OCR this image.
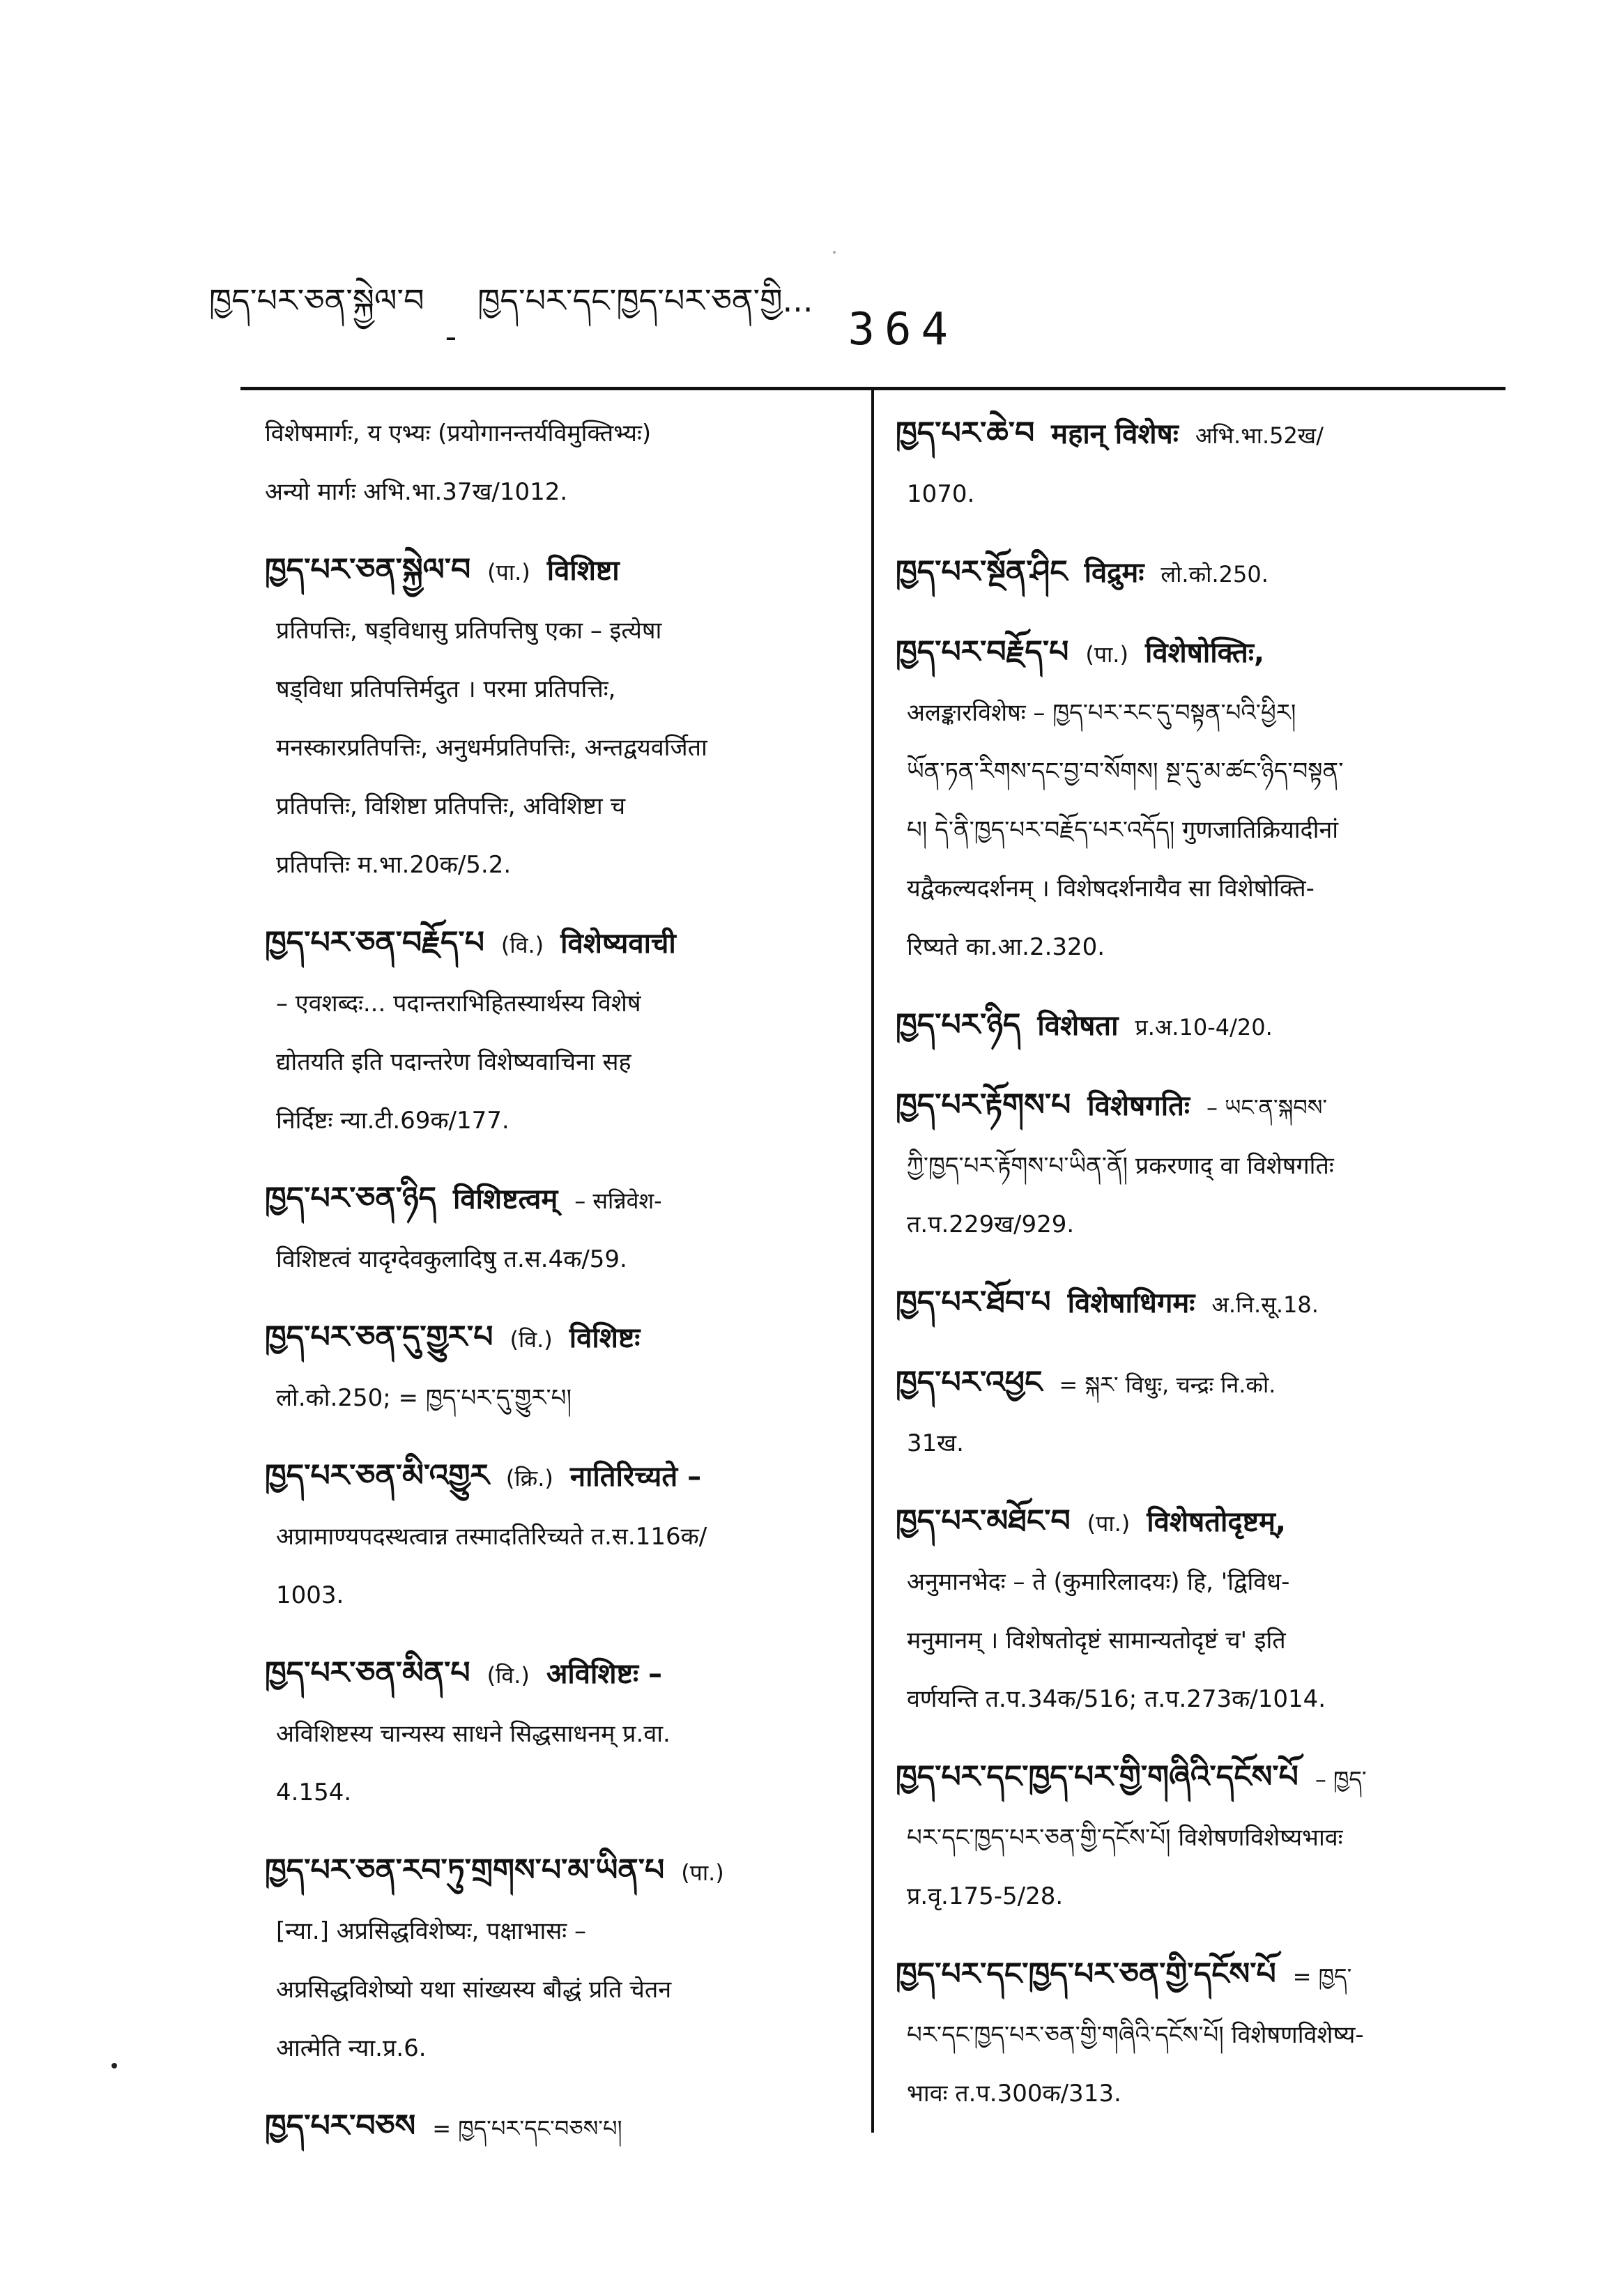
ཁྱད་པར་ཅན་སྐྱེལ་བ
-
ཁྱད་པར་དང་ཁྱད་པར་ཅན་གྱི...
364
विशेषमार्गः, य एभ्यः (प्रयोगानन्तर्यविमुक्तिभ्यः)
अन्यो मार्गः अभि.भा.37ख/1012.
ཁྱད་པར་ཅན་སྐྱེལ་བ (पा.) विशिष्टा
प्रतिपत्तिः, षड्विधासु प्रतिपत्तिषु एका – इत्येषा
षड्विधा प्रतिपत्तिर्मदुत । परमा प्रतिपत्तिः,
मनस्कारप्रतिपत्तिः, अनुधर्मप्रतिपत्तिः, अन्तद्वयवर्जिता
प्रतिपत्तिः, विशिष्टा प्रतिपत्तिः, अविशिष्टा च
प्रतिपत्तिः म.भा.20क/5.2.
ཁྱད་པར་ཅན་བརྗོད་པ (वि.) विशेष्यवाची
– एवशब्दः... पदान्तराभिहितस्यार्थस्य विशेषं
द्योतयति इति पदान्तरेण विशेष्यवाचिना सह
निर्दिष्टः न्या.टी.69क/177.
ཁྱད་པར་ཅན་ཉིད विशिष्टत्वम् – सन्निवेश-
विशिष्टत्वं यादृग्देवकुलादिषु त.स.4क/59.
ཁྱད་པར་ཅན་དུ་གྱུར་པ (वि.) विशिष्टः
लो.को.250; = ཁྱད་པར་དུ་གྱུར་པ།
ཁྱད་པར་ཅན་མི་འགྱུར (क्रि.) नातिरिच्यते –
अप्रामाण्यपदस्थत्वान्न तस्मादतिरिच्यते त.स.116क/
1003.
ཁྱད་པར་ཅན་མིན་པ (वि.) अविशिष्टः –
अविशिष्टस्य चान्यस्य साधने सिद्धसाधनम् प्र.वा.
4.154.
ཁྱད་པར་ཅན་རབ་ཏུ་གྲགས་པ་མ་ཡིན་པ (पा.)
[न्या.] अप्रसिद्धविशेष्यः, पक्षाभासः –
अप्रसिद्धविशेष्यो यथा सांख्यस्य बौद्धं प्रति चेतन
आत्मेति न्या.प्र.6.
ཁྱད་པར་བཅས = ཁྱད་པར་དང་བཅས་པ།
ཁྱད་པར་ཆེ་བ महान् विशेषः अभि.भा.52ख/
1070.
ཁྱད་པར་སྔོན་ཤིང विद्रुमः लो.को.250.
ཁྱད་པར་བརྗོད་པ (पा.) विशेषोक्तिः,
अलङ्कारविशेषः – ཁྱད་པར་རང་དུ་བསྟན་པའི་ཕྱིར།
ཡོན་ཏན་རིགས་དང་བྱ་བ་སོགས། སྔ་དུ་མ་ཚང་ཉིད་བསྟན་
པ། དེ་ནི་ཁྱད་པར་བརྗོད་པར་འདོད། गुणजातिक्रियादीनां
यद्वैकल्यदर्शनम् । विशेषदर्शनायैव सा विशेषोक्ति-
रिष्यते का.आ.2.320.
ཁྱད་པར་ཉིད विशेषता प्र.अ.10-4/20.
ཁྱད་པར་རྟོགས་པ विशेषगतिः – ཡང་ན་སྐབས་
ཀྱི་ཁྱད་པར་རྟོགས་པ་ཡིན་ནོ། प्रकरणाद् वा विशेषगतिः
त.प.229ख/929.
ཁྱད་པར་ཐོབ་པ विशेषाधिगमः अ.नि.सू.18.
ཁྱད་པར་འཕྱང = སྐར་ विधुः, चन्द्रः नि.को.
31ख.
ཁྱད་པར་མཐོང་བ (पा.) विशेषतोदृष्टम्,
अनुमानभेदः – ते (कुमारिलादयः) हि, 'द्विविध-
मनुमानम् । विशेषतोदृष्टं सामान्यतोदृष्टं च' इति
वर्णयन्ति त.प.34क/516; त.प.273क/1014.
ཁྱད་པར་དང་ཁྱད་པར་གྱི་གཞིའི་དངོས་པོ – ཁྱད་
པར་དང་ཁྱད་པར་ཅན་གྱི་དངོས་པོ། विशेषणविशेष्यभावः
प्र.वृ.175-5/28.
ཁྱད་པར་དང་ཁྱད་པར་ཅན་གྱི་དངོས་པོ = ཁྱད་
པར་དང་ཁྱད་པར་ཅན་གྱི་གཞིའི་དངོས་པོ། विशेषणविशेष्य-
भावः त.प.300क/313.
